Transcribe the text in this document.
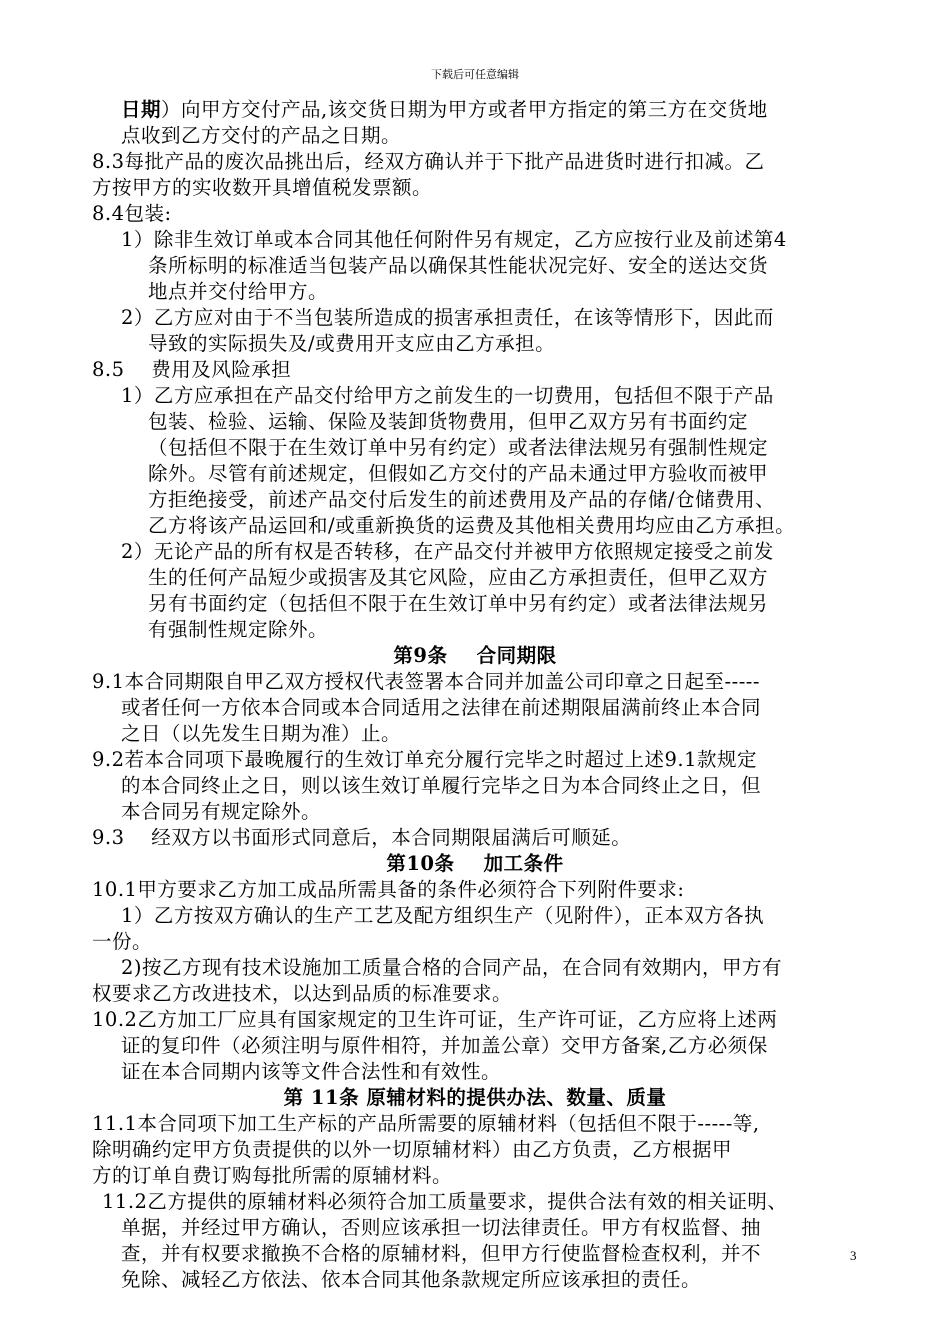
下载后可任意编辑
日期）向甲方交付产品,该交货日期为甲方或者甲方指定的第三方在交货地
点收到乙方交付的产品之日期。
8.3每批产品的废次品挑出后，经双方确认并于下批产品进货时进行扣减。乙
方按甲方的实收数开具增值税发票额。
8.4包装:
1）除非生效订单或本合同其他任何附件另有规定，乙方应按行业及前述第4
条所标明的标准适当包装产品以确保其性能状况完好、安全的送达交货
地点并交付给甲方。
2）乙方应对由于不当包装所造成的损害承担责任，在该等情形下，因此而
导致的实际损失及/或费用开支应由乙方承担。
8.5    费用及风险承担
1）乙方应承担在产品交付给甲方之前发生的一切费用，包括但不限于产品
包装、检验、运输、保险及装卸货物费用，但甲乙双方另有书面约定
（包括但不限于在生效订单中另有约定）或者法律法规另有强制性规定
除外。尽管有前述规定，但假如乙方交付的产品未通过甲方验收而被甲
方拒绝接受，前述产品交付后发生的前述费用及产品的存储/仓储费用、
乙方将该产品运回和/或重新换货的运费及其他相关费用均应由乙方承担。
2）无论产品的所有权是否转移，在产品交付并被甲方依照规定接受之前发
生的任何产品短少或损害及其它风险，应由乙方承担责任，但甲乙双方
另有书面约定（包括但不限于在生效订单中另有约定）或者法律法规另
有强制性规定除外。
第9条    合同期限
9.1本合同期限自甲乙双方授权代表签署本合同并加盖公司印章之日起至-----
或者任何一方依本合同或本合同适用之法律在前述期限届满前终止本合同
之日（以先发生日期为准）止。
9.2若本合同项下最晚履行的生效订单充分履行完毕之时超过上述9.1款规定
的本合同终止之日，则以该生效订单履行完毕之日为本合同终止之日，但
本合同另有规定除外。
9.3    经双方以书面形式同意后，本合同期限届满后可顺延。
第10条    加工条件
10.1甲方要求乙方加工成品所需具备的条件必须符合下列附件要求:
1）乙方按双方确认的生产工艺及配方组织生产（见附件），正本双方各执
一份。
2)按乙方现有技术设施加工质量合格的合同产品，在合同有效期内，甲方有
权要求乙方改进技术，以达到品质的标准要求。
10.2乙方加工厂应具有国家规定的卫生许可证，生产许可证，乙方应将上述两
证的复印件（必须注明与原件相符，并加盖公章）交甲方备案,乙方必须保
证在本合同期内该等文件合法性和有效性。
第 11条 原辅材料的提供办法、数量、质量
11.1本合同项下加工生产标的产品所需要的原辅材料（包括但不限于-----等,
除明确约定甲方负责提供的以外一切原辅材料）由乙方负责，乙方根据甲
方的订单自费订购每批所需的原辅材料。
11.2乙方提供的原辅材料必须符合加工质量要求，提供合法有效的相关证明、
单据，并经过甲方确认，否则应该承担一切法律责任。甲方有权监督、抽
查，并有权要求撤换不合格的原辅材料，但甲方行使监督检查权利，并不
免除、减轻乙方依法、依本合同其他条款规定所应该承担的责任。
3
